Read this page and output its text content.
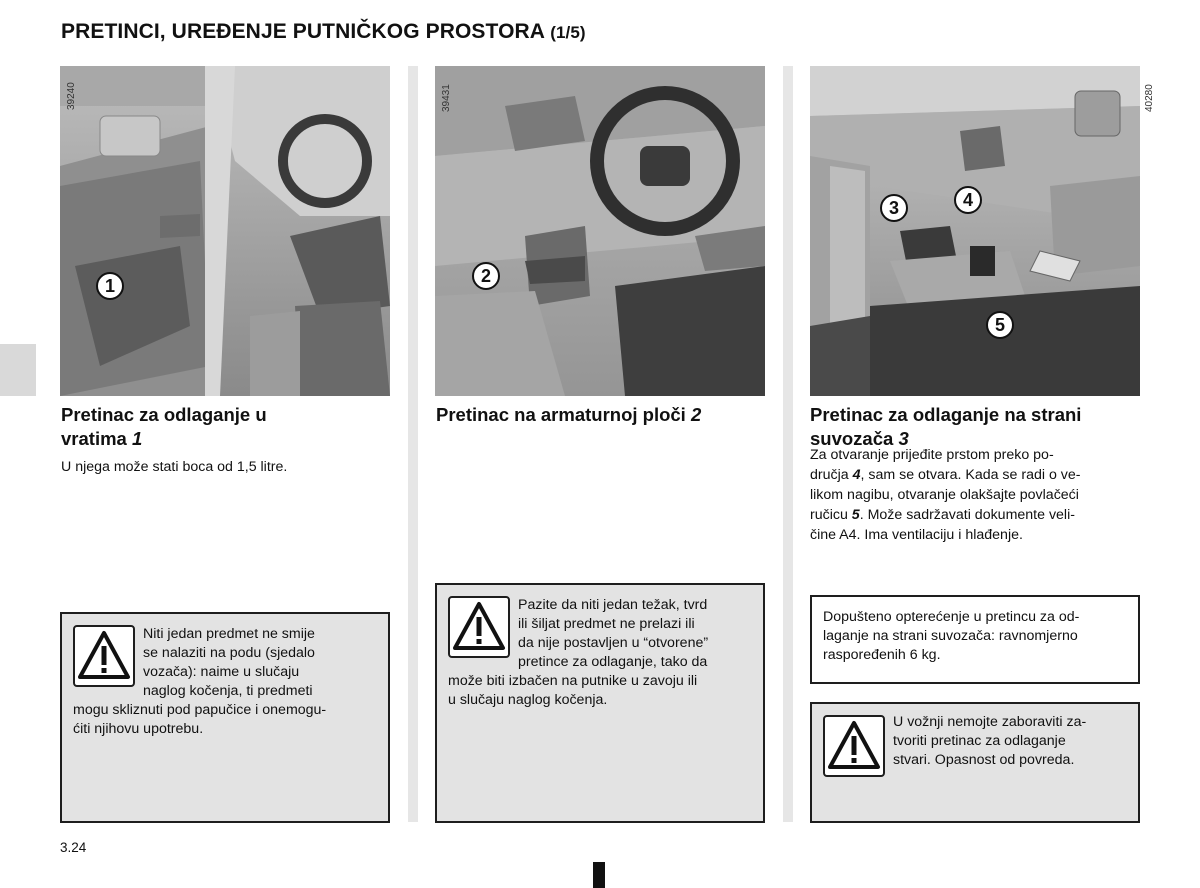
PRETINCI, UREĐENJE PUTNIČKOG PROSTORA (1/5)
39240
1
Pretinac za odlaganje u
vratima 1
U njega može stati boca od 1,5 litre.
Niti jedan predmet ne smije
se nalaziti na podu (sjedalo
vozača): naime u slučaju
naglog kočenja, ti predmeti
mogu skliznuti pod papučice i onemogu-
ćiti njihovu upotrebu.
39431
2
Pretinac na armaturnoj ploči 2
Pazite da niti jedan težak, tvrd
ili šiljat predmet ne prelazi ili
da nije postavljen u “otvorene”
pretince za odlaganje, tako da
može biti izbačen na putnike u zavoju ili
u slučaju naglog kočenja.
40280
3	4
5
Pretinac za odlaganje na strani
suvozača 3
Za otvaranje prijeđite prstom preko po-
dručja 4, sam se otvara. Kada se radi o ve-
likom nagibu, otvaranje olakšajte povlačeći
ručicu 5. Može sadržavati dokumente veli-
čine A4. Ima ventilaciju i hlađenje.
Dopušteno opterećenje u pretincu za od-
laganje na strani suvozača: ravnomjerno
raspoređenih 6 kg.
U vožnji nemojte zaboraviti za-
tvoriti pretinac za odlaganje
stvari. Opasnost od povreda.
3.24
